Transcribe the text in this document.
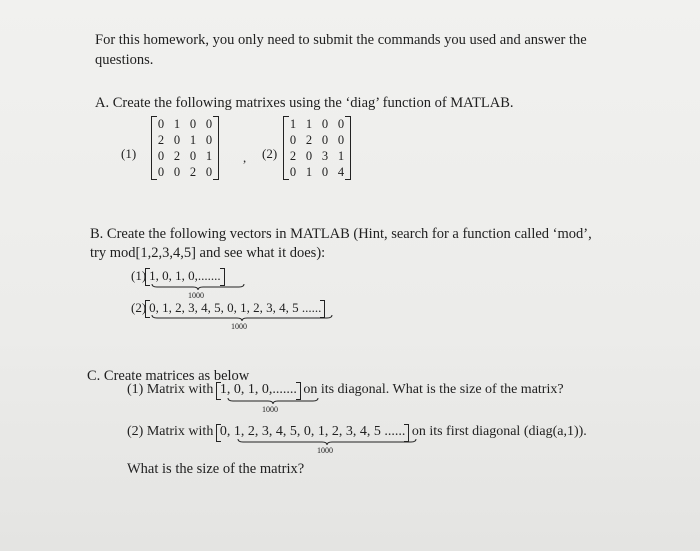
For this homework, you only need to submit the commands you used and answer the
questions.
A. Create the following matrixes using the ‘diag’ function of MATLAB.
(1)
0	1	0	0
2	0	1	0
0	2	0	1
0	0	2	0
, (2)
1	1	0	0
0	2	0	0
2	0	3	1
0	1	0	4
B. Create the following vectors in MATLAB (Hint, search for a function called ‘mod’,
try mod[1,2,3,4,5] and see what it does):
(1) 1, 0, 1, 0,.......
1000
(2) 0, 1, 2, 3, 4, 5, 0, 1, 2, 3, 4, 5 ......
1000
C. Create matrices as below
(1) Matrix with 1, 0, 1, 0,....... on its diagonal. What is the size of the matrix?
1000
(2) Matrix with 0, 1, 2, 3, 4, 5, 0, 1, 2, 3, 4, 5 ...... on its first diagonal (diag(a,1)).
1000
What is the size of the matrix?
